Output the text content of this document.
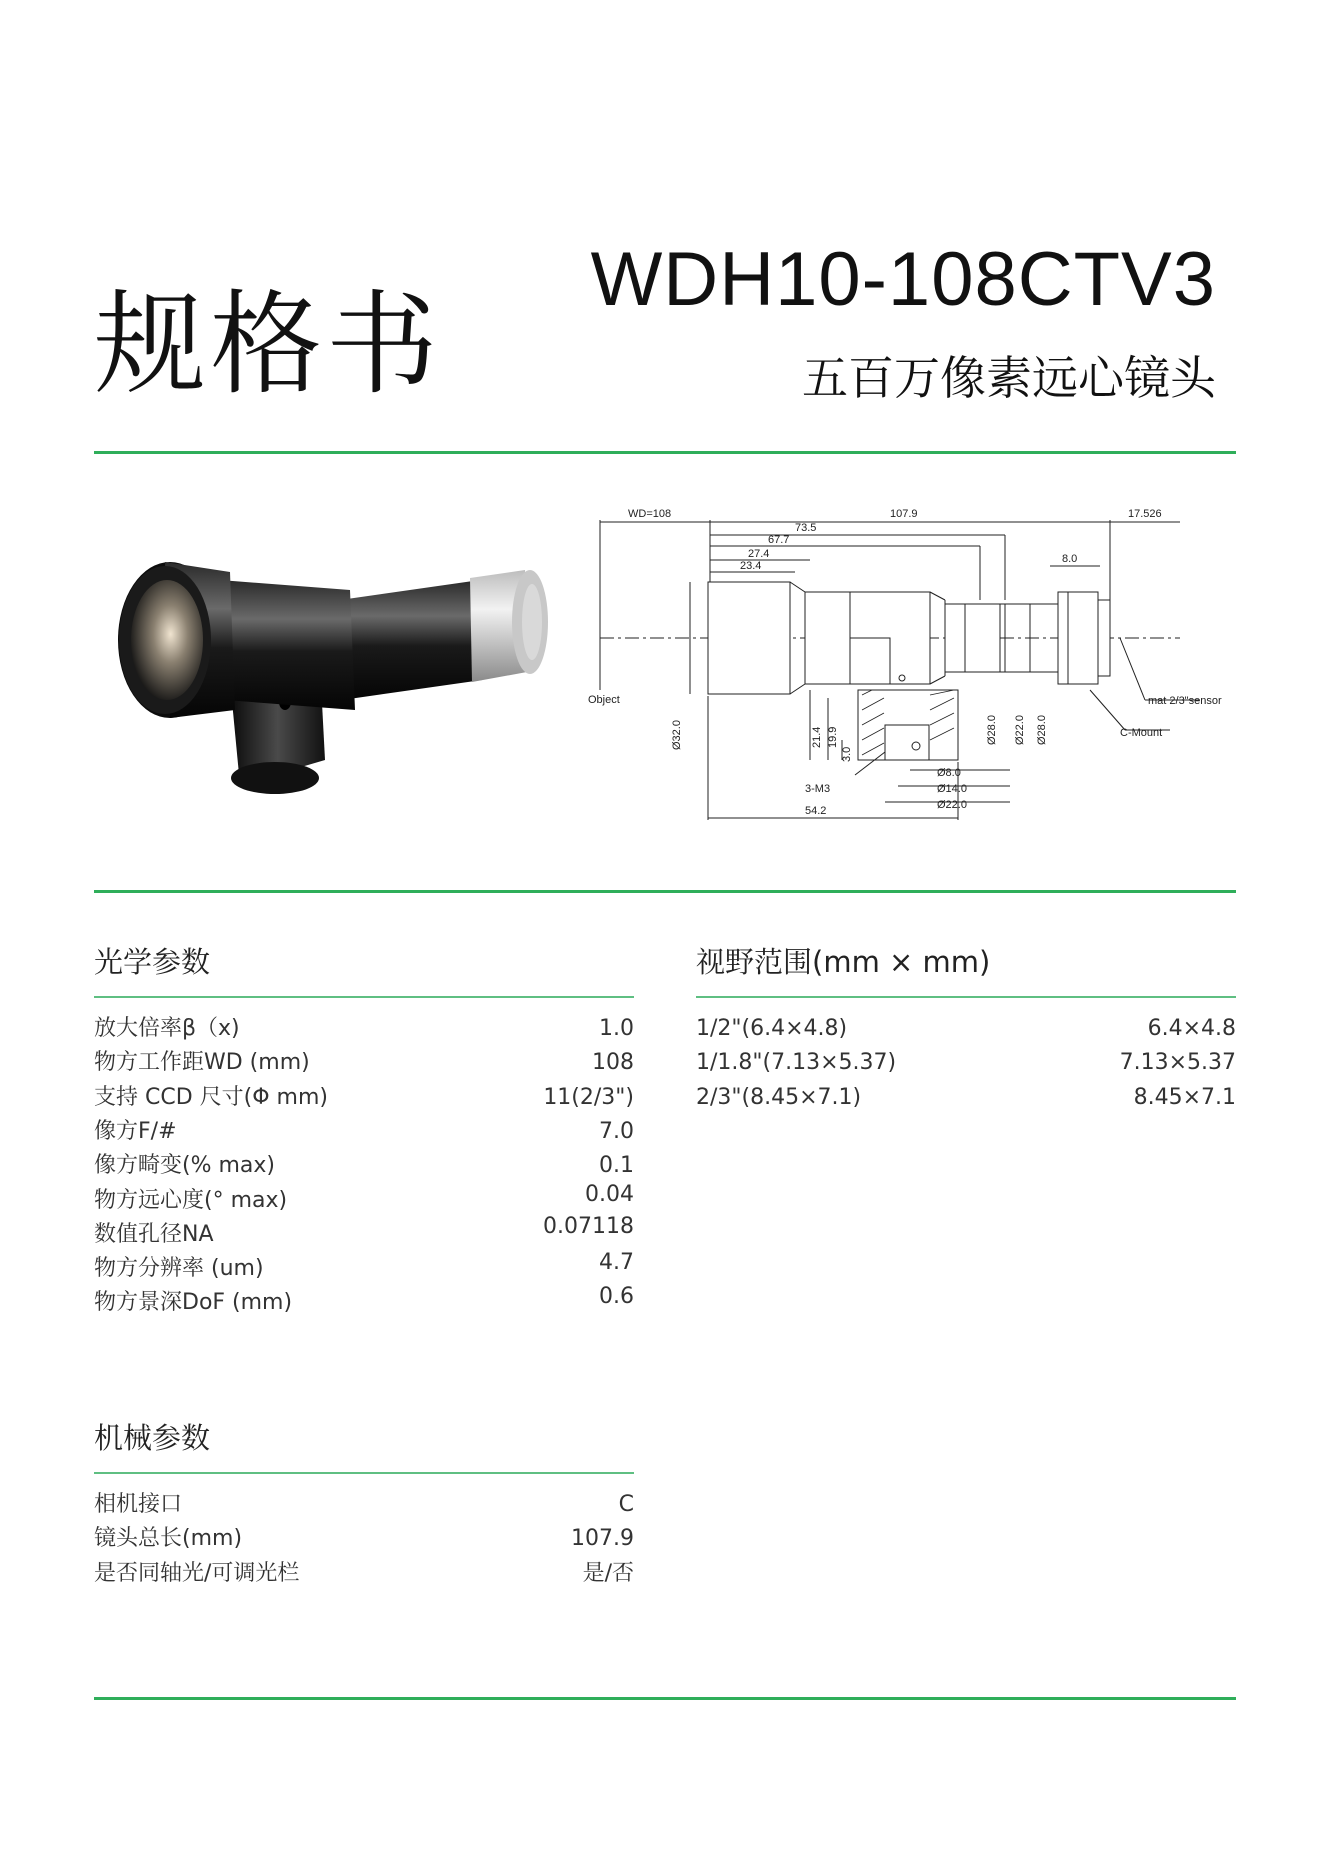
规格书
WDH10-108CTV3
五百万像素远心镜头
WD=108	107.9	17.526
73.5
67.7
27.4
23.4
8.0
Object
Ø32.0	21.4 19.9
3.0
3-M3
Ø8.0
Ø14.0
Ø22.0
54.2
Ø28.0 Ø22.0 Ø28.0
mat 2/3"sensor
C-Mount
光学参数
放大倍率β（x)	1.0
物方工作距WD (mm)	108
支持 CCD 尺寸(Φ mm)	11(2/3")
像方F/#	7.0
像方畸变(% max)	0.1
物方远心度(° max)	0.04
数值孔径NA	0.07118
物方分辨率 (um)	4.7
物方景深DoF (mm)	0.6
视野范围(mm × mm)
1/2"(6.4×4.8)	6.4×4.8
1/1.8"(7.13×5.37)	7.13×5.37
2/3"(8.45×7.1)	8.45×7.1
机械参数
相机接口	C
镜头总长(mm)	107.9
是否同轴光/可调光栏	是/否
